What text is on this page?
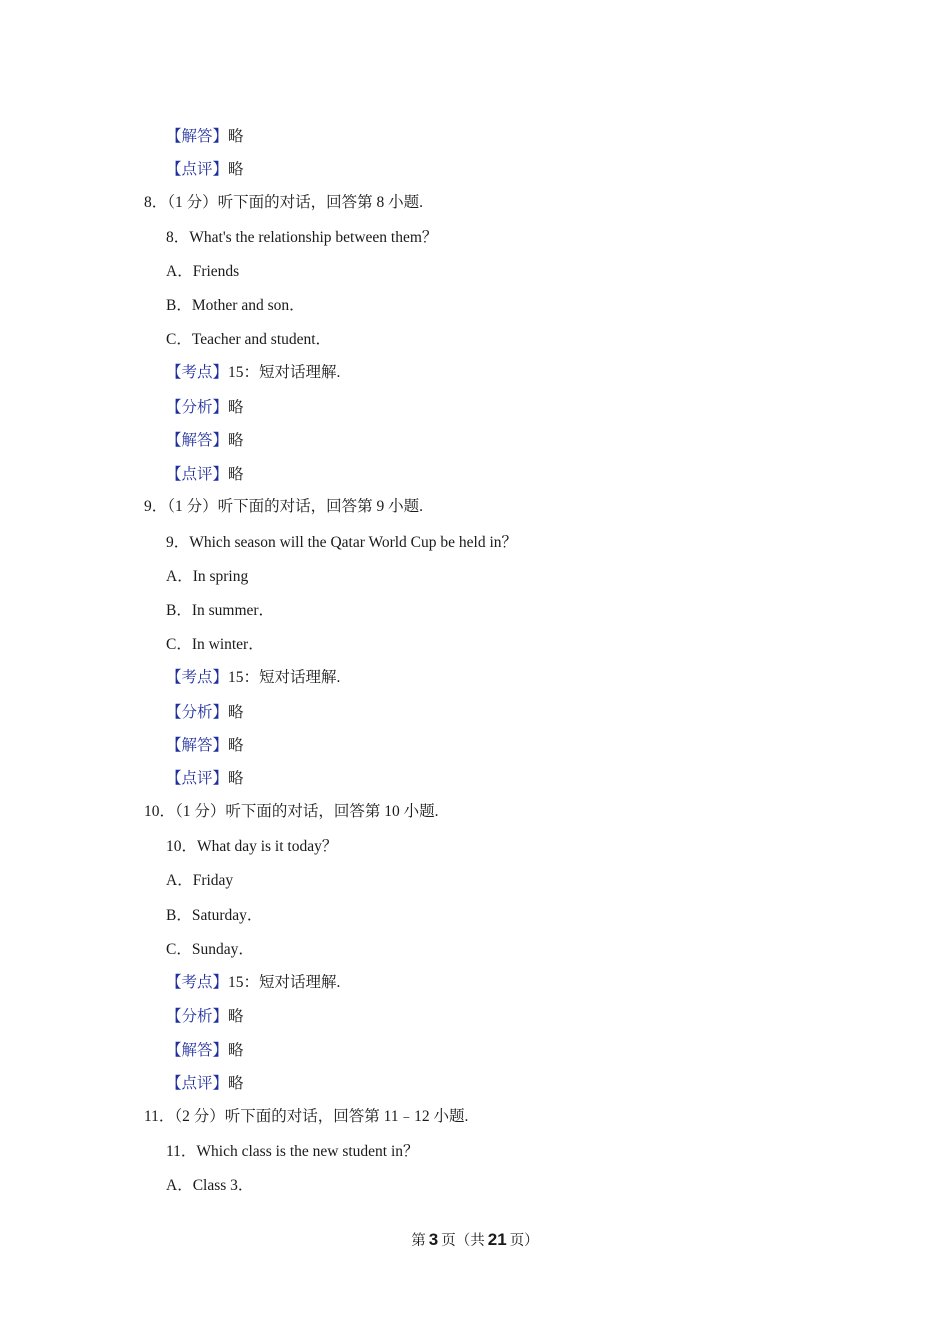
【解答】略
【点评】略
8．（1 分）听下面的对话，回答第 8 小题.
8．What's the relationship between them？
A．Friends
B．Mother and son．
C．Teacher and student．
【考点】15：短对话理解.
【分析】略
【解答】略
【点评】略
9．（1 分）听下面的对话，回答第 9 小题.
9．Which season will the Qatar World Cup be held in？
A．In spring
B．In summer．
C．In winter．
【考点】15：短对话理解.
【分析】略
【解答】略
【点评】略
10．（1 分）听下面的对话，回答第 10 小题.
10．What day is it today？
A．Friday
B．Saturday．
C．Sunday．
【考点】15：短对话理解.
【分析】略
【解答】略
【点评】略
11．（2 分）听下面的对话，回答第 11﹣12 小题.
11．Which class is the new student in？
A．Class 3．
第 3 页（共 21 页）
